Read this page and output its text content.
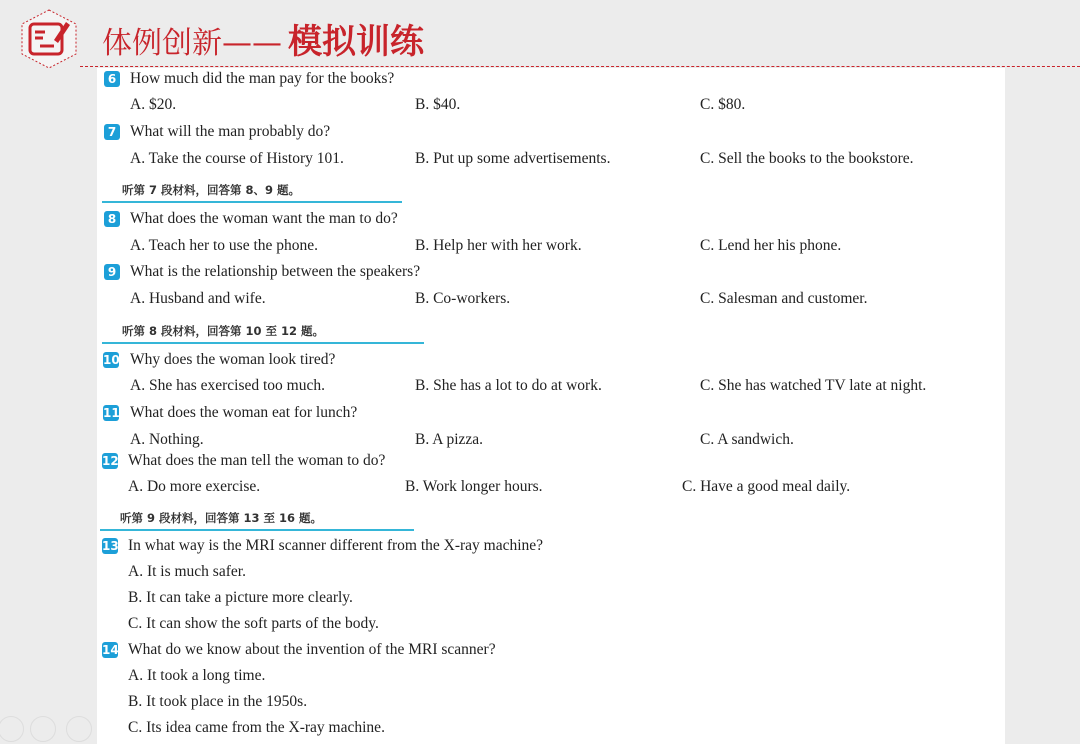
体例创新—— 模拟训练
6 How much did the man pay for the books?
A. $20.	B. $40.	C. $80.
7 What will the man probably do?
A. Take the course of History 101.	B. Put up some advertisements.	C. Sell the books to the bookstore.
听第 7 段材料，回答第 8、9 题。
8 What does the woman want the man to do?
A. Teach her to use the phone.	B. Help her with her work.	C. Lend her his phone.
9 What is the relationship between the speakers?
A. Husband and wife.	B. Co-workers.	C. Salesman and customer.
听第 8 段材料，回答第 10 至 12 题。
10 Why does the woman look tired?
A. She has exercised too much.	B. She has a lot to do at work.	C. She has watched TV late at night.
11 What does the woman eat for lunch?
A. Nothing.	B. A pizza.	C. A sandwich.
12 What does the man tell the woman to do?
A. Do more exercise.	B. Work longer hours.	C. Have a good meal daily.
听第 9 段材料，回答第 13 至 16 题。
13 In what way is the MRI scanner different from the X-ray machine?
A. It is much safer.
B. It can take a picture more clearly.
C. It can show the soft parts of the body.
14 What do we know about the invention of the MRI scanner?
A. It took a long time.
B. It took place in the 1950s.
C. Its idea came from the X-ray machine.
